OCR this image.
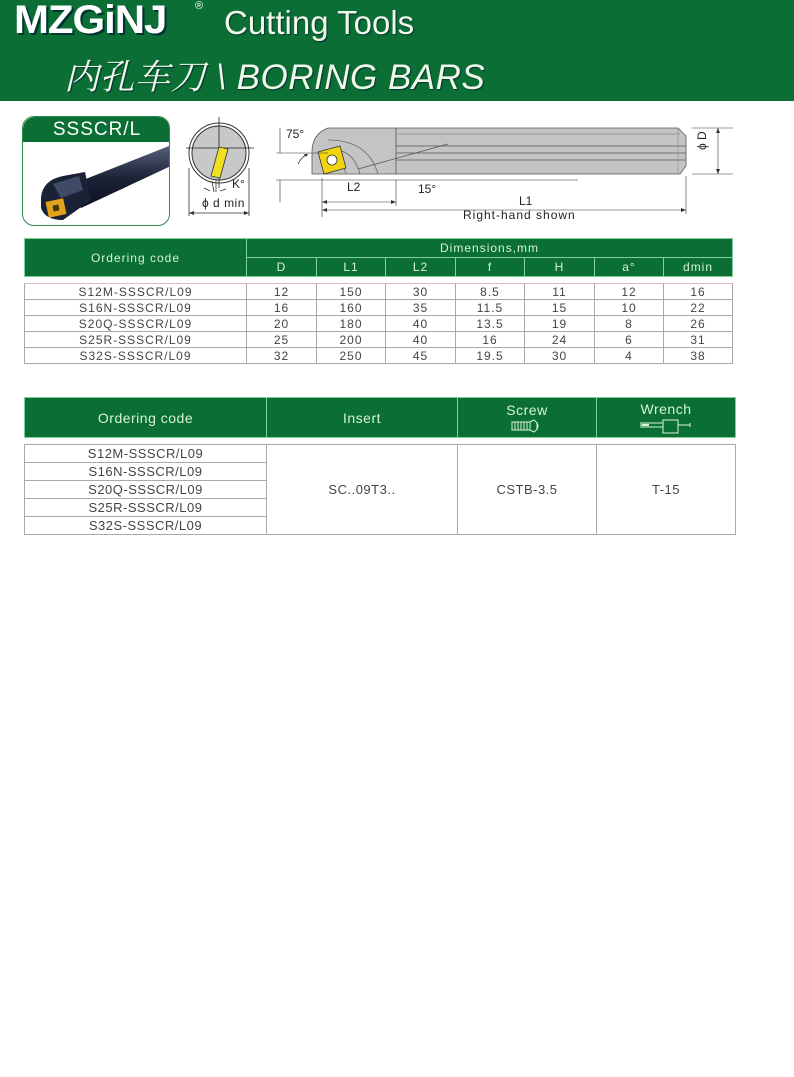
MZGiNJ	® Cutting Tools
内孔车刀 \ BORING BARS
SSSCR/L
K°
ϕ d min
75°
L2	15°
L1
Right-hand shown
ϕ D
Ordering code	Dimensions,mm						
	D	L1	L2	f	H	a°	dmin

S12M-SSSCR/L09	12	150	30	8.5	11	12	16
S16N-SSSCR/L09	16	160	35	11.5	15	10	22
S20Q-SSSCR/L09	20	180	40	13.5	19	8	26
S25R-SSSCR/L09	25	200	40	16	24	6	31
S32S-SSSCR/L09	32	250	45	19.5	30	4	38
Ordering code	Insert	Screw	Wrench

S12M-SSSCR/L09	SC..09T3..	CSTB-3.5	T-15
S16N-SSSCR/L09			
S20Q-SSSCR/L09			
S25R-SSSCR/L09			
S32S-SSSCR/L09			
